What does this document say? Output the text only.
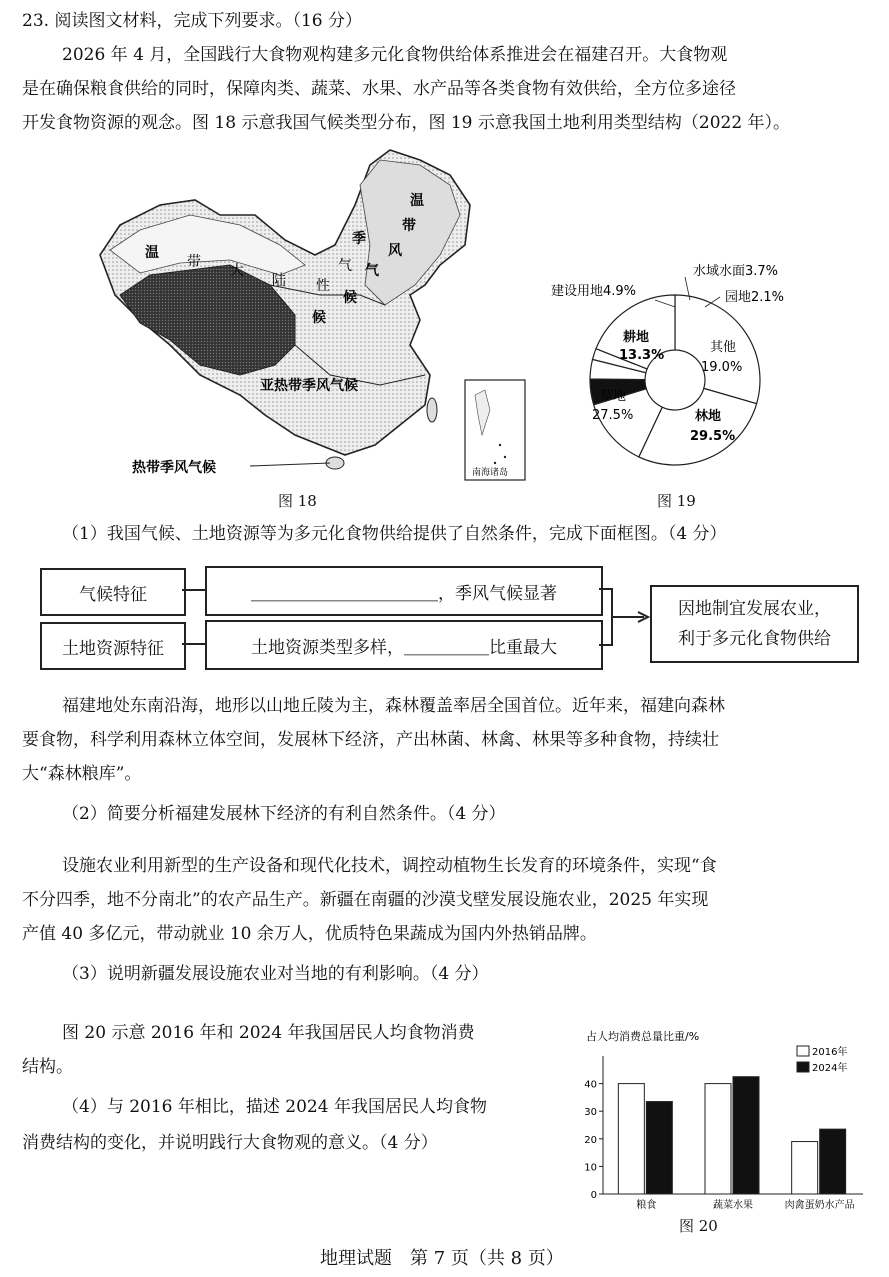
23. 阅读图文材料，完成下列要求。（16 分）
2026 年 4 月，全国践行大食物观构建多元化食物供给体系推进会在福建召开。大食物观
是在确保粮食供给的同时，保障肉类、蔬菜、水果、水产品等各类食物有效供给，全方位多途径
开发食物资源的观念。图 18 示意我国气候类型分布，图 19 示意我国土地利用类型结构（2022 年）。
南海诸岛
温
带
大
陆 性
气
候
温
带
季
风
气
候
亚热带季风气候
热带季风气候
图 18
建设用地4.9%
水域水面3.7%
园地2.1%
耕地
13.3%
其他
19.0%
草地
27.5%	林地
29.5%
图 19
（1）我国气候、土地资源等为多元化食物供给提供了自然条件，完成下面框图。（4 分）
气候特征	＿＿＿＿＿＿＿＿＿＿＿，季风气候显著
土地资源特征	土地资源类型多样，＿＿＿＿＿比重最大
因地制宜发展农业，
利于多元化食物供给
福建地处东南沿海，地形以山地丘陵为主，森林覆盖率居全国首位。近年来，福建向森林
要食物，科学利用森林立体空间，发展林下经济，产出林菌、林禽、林果等多种食物，持续壮
大“森林粮库”。
（2）简要分析福建发展林下经济的有利自然条件。（4 分）
设施农业利用新型的生产设备和现代化技术，调控动植物生长发育的环境条件，实现“食
不分四季，地不分南北”的农产品生产。新疆在南疆的沙漠戈壁发展设施农业，2025 年实现
产值 40 多亿元，带动就业 10 余万人，优质特色果蔬成为国内外热销品牌。
（3）说明新疆发展设施农业对当地的有利影响。（4 分）
图 20 示意 2016 年和 2024 年我国居民人均食物消费
结构。
（4）与 2016 年相比，描述 2024 年我国居民人均食物
消费结构的变化，并说明践行大食物观的意义。（4 分）
占人均消费总量比重/%
0
10
20
30
40
粮食	蔬菜水果	肉禽蛋奶水产品
2016年
2024年
图 20
地理试题　第 7 页（共 8 页）
